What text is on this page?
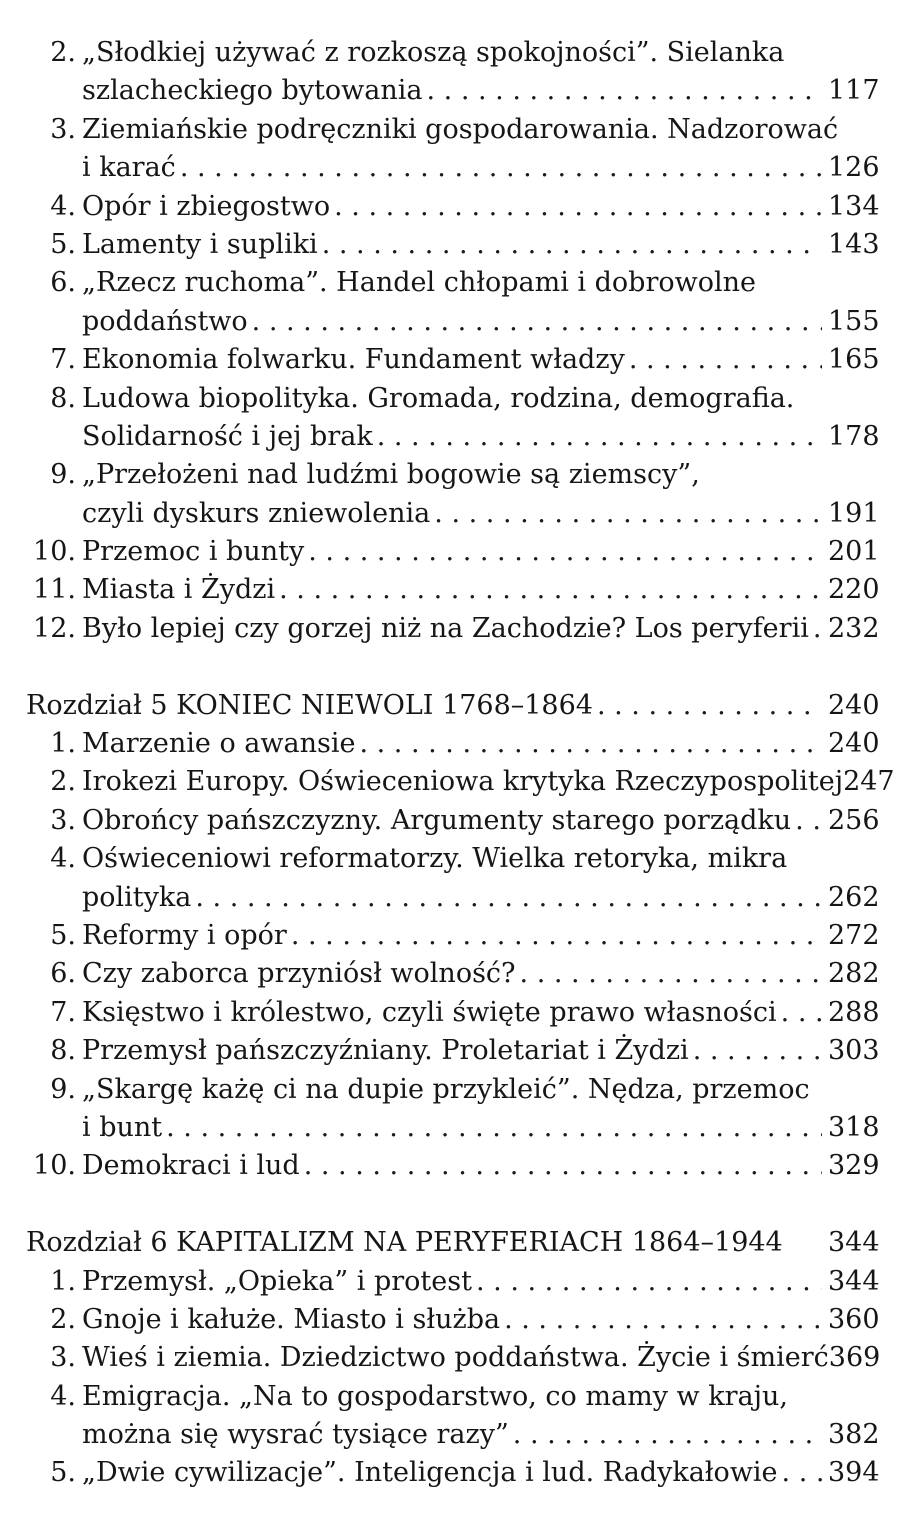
2. „Słodkiej używać z rozkoszą spokojności”. Sielanka
szlacheckiego bytowania . . .	117
3. Ziemiańskie podręczniki gospodarowania. Nadzorować
i karać . . .	126
4. Opór i zbiegostwo . . .	134
5. Lamenty i supliki . . .	143
6. „Rzecz ruchoma”. Handel chłopami i dobrowolne
poddaństwo . . .	155
7. Ekonomia folwarku. Fundament władzy . . .	165
8. Ludowa biopolityka. Gromada, rodzina, demografia.
Solidarność i jej brak . . .	178
9. „Przełożeni nad ludźmi bogowie są ziemscy”,
czyli dyskurs zniewolenia . . .	191
10. Przemoc i bunty . . .	201
11. Miasta i Żydzi . . .	220
12. Było lepiej czy gorzej niż na Zachodzie? Los peryferii . . . 232
Rozdział 5 KONIEC NIEWOLI 1768–1864 . . .	240
1. Marzenie o awansie . . .	240
2. Irokezi Europy. Oświeceniowa krytyka Rzeczypospolitej 247
3. Obrońcy pańszczyzny. Argumenty starego porządku . . . 256
4. Oświeceniowi reformatorzy. Wielka retoryka, mikra
polityka . . .	262
5. Reformy i opór . . .	272
6. Czy zaborca przyniósł wolność? . . .	282
7. Księstwo i królestwo, czyli święte prawo własności . . . 288
8. Przemysł pańszczyźniany. Proletariat i Żydzi . . .	303
9. „Skargę każę ci na dupie przykleić”. Nędza, przemoc
i bunt . . .	318
10. Demokraci i lud . . .	329
Rozdział 6 KAPITALIZM NA PERYFERIACH 1864–1944 344
1. Przemysł. „Opieka” i protest . . .	344
2. Gnoje i kałuże. Miasto i służba . . .	360
3. Wieś i ziemia. Dziedzictwo poddaństwa. Życie i śmierć 369
4. Emigracja. „Na to gospodarstwo, co mamy w kraju,
można się wysrać tysiące razy” . . .	382
5. „Dwie cywilizacje”. Inteligencja i lud. Radykałowie . . . 394
